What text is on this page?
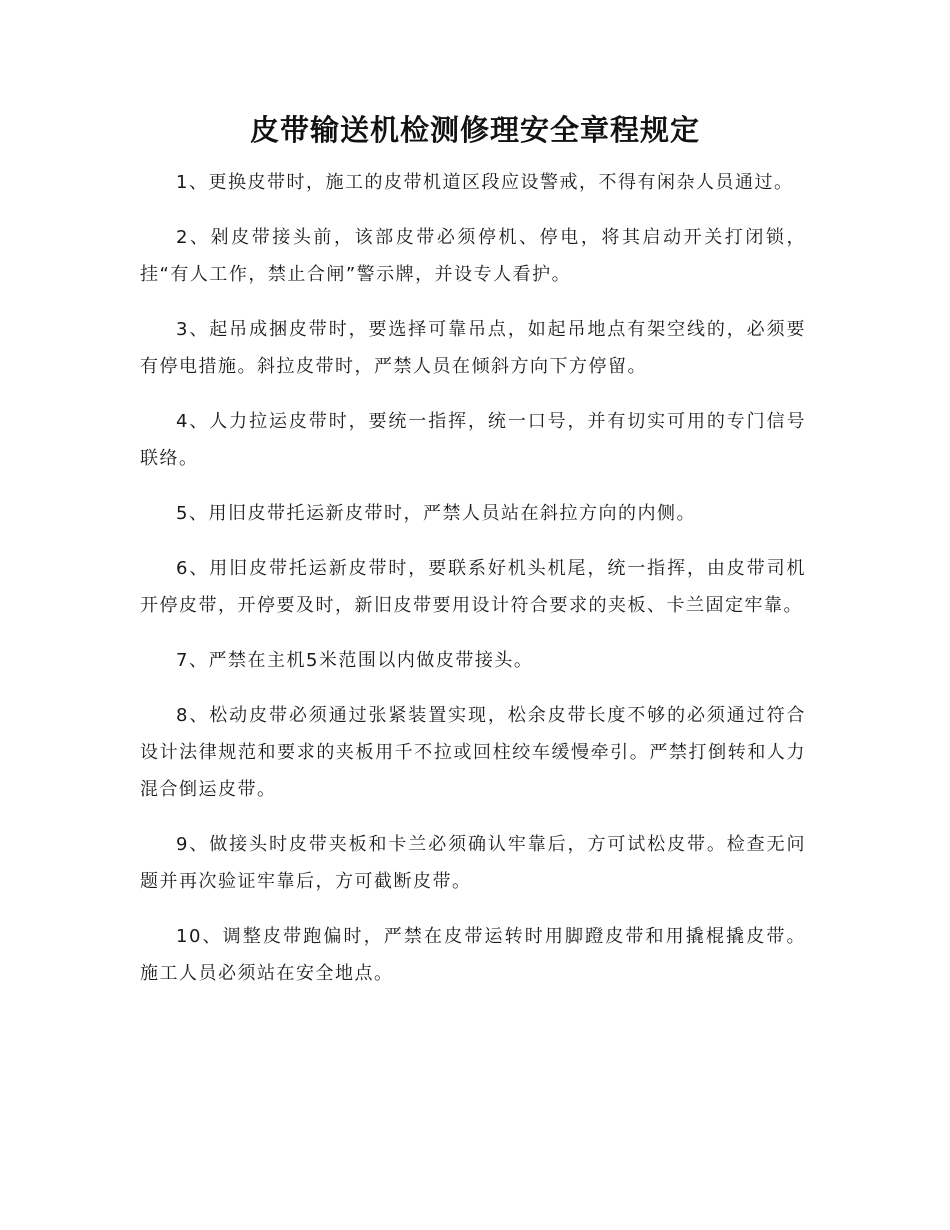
皮带输送机检测修理安全章程规定

1、更换皮带时，施工的皮带机道区段应设警戒，不得有闲杂人员通过。

2、剁皮带接头前，该部皮带必须停机、停电，将其启动开关打闭锁，挂“有人工作，禁止合闸”警示牌，并设专人看护。

3、起吊成捆皮带时，要选择可靠吊点，如起吊地点有架空线的，必须要有停电措施。斜拉皮带时，严禁人员在倾斜方向下方停留。

4、人力拉运皮带时，要统一指挥，统一口号，并有切实可用的专门信号联络。

5、用旧皮带托运新皮带时，严禁人员站在斜拉方向的内侧。

6、用旧皮带托运新皮带时，要联系好机头机尾，统一指挥，由皮带司机开停皮带，开停要及时，新旧皮带要用设计符合要求的夹板、卡兰固定牢靠。

7、严禁在主机5米范围以内做皮带接头。

8、松动皮带必须通过张紧装置实现，松余皮带长度不够的必须通过符合设计法律规范和要求的夹板用千不拉或回柱绞车缓慢牵引。严禁打倒转和人力混合倒运皮带。

9、做接头时皮带夹板和卡兰必须确认牢靠后，方可试松皮带。检查无问题并再次验证牢靠后，方可截断皮带。

10、调整皮带跑偏时，严禁在皮带运转时用脚蹬皮带和用撬棍撬皮带。施工人员必须站在安全地点。
